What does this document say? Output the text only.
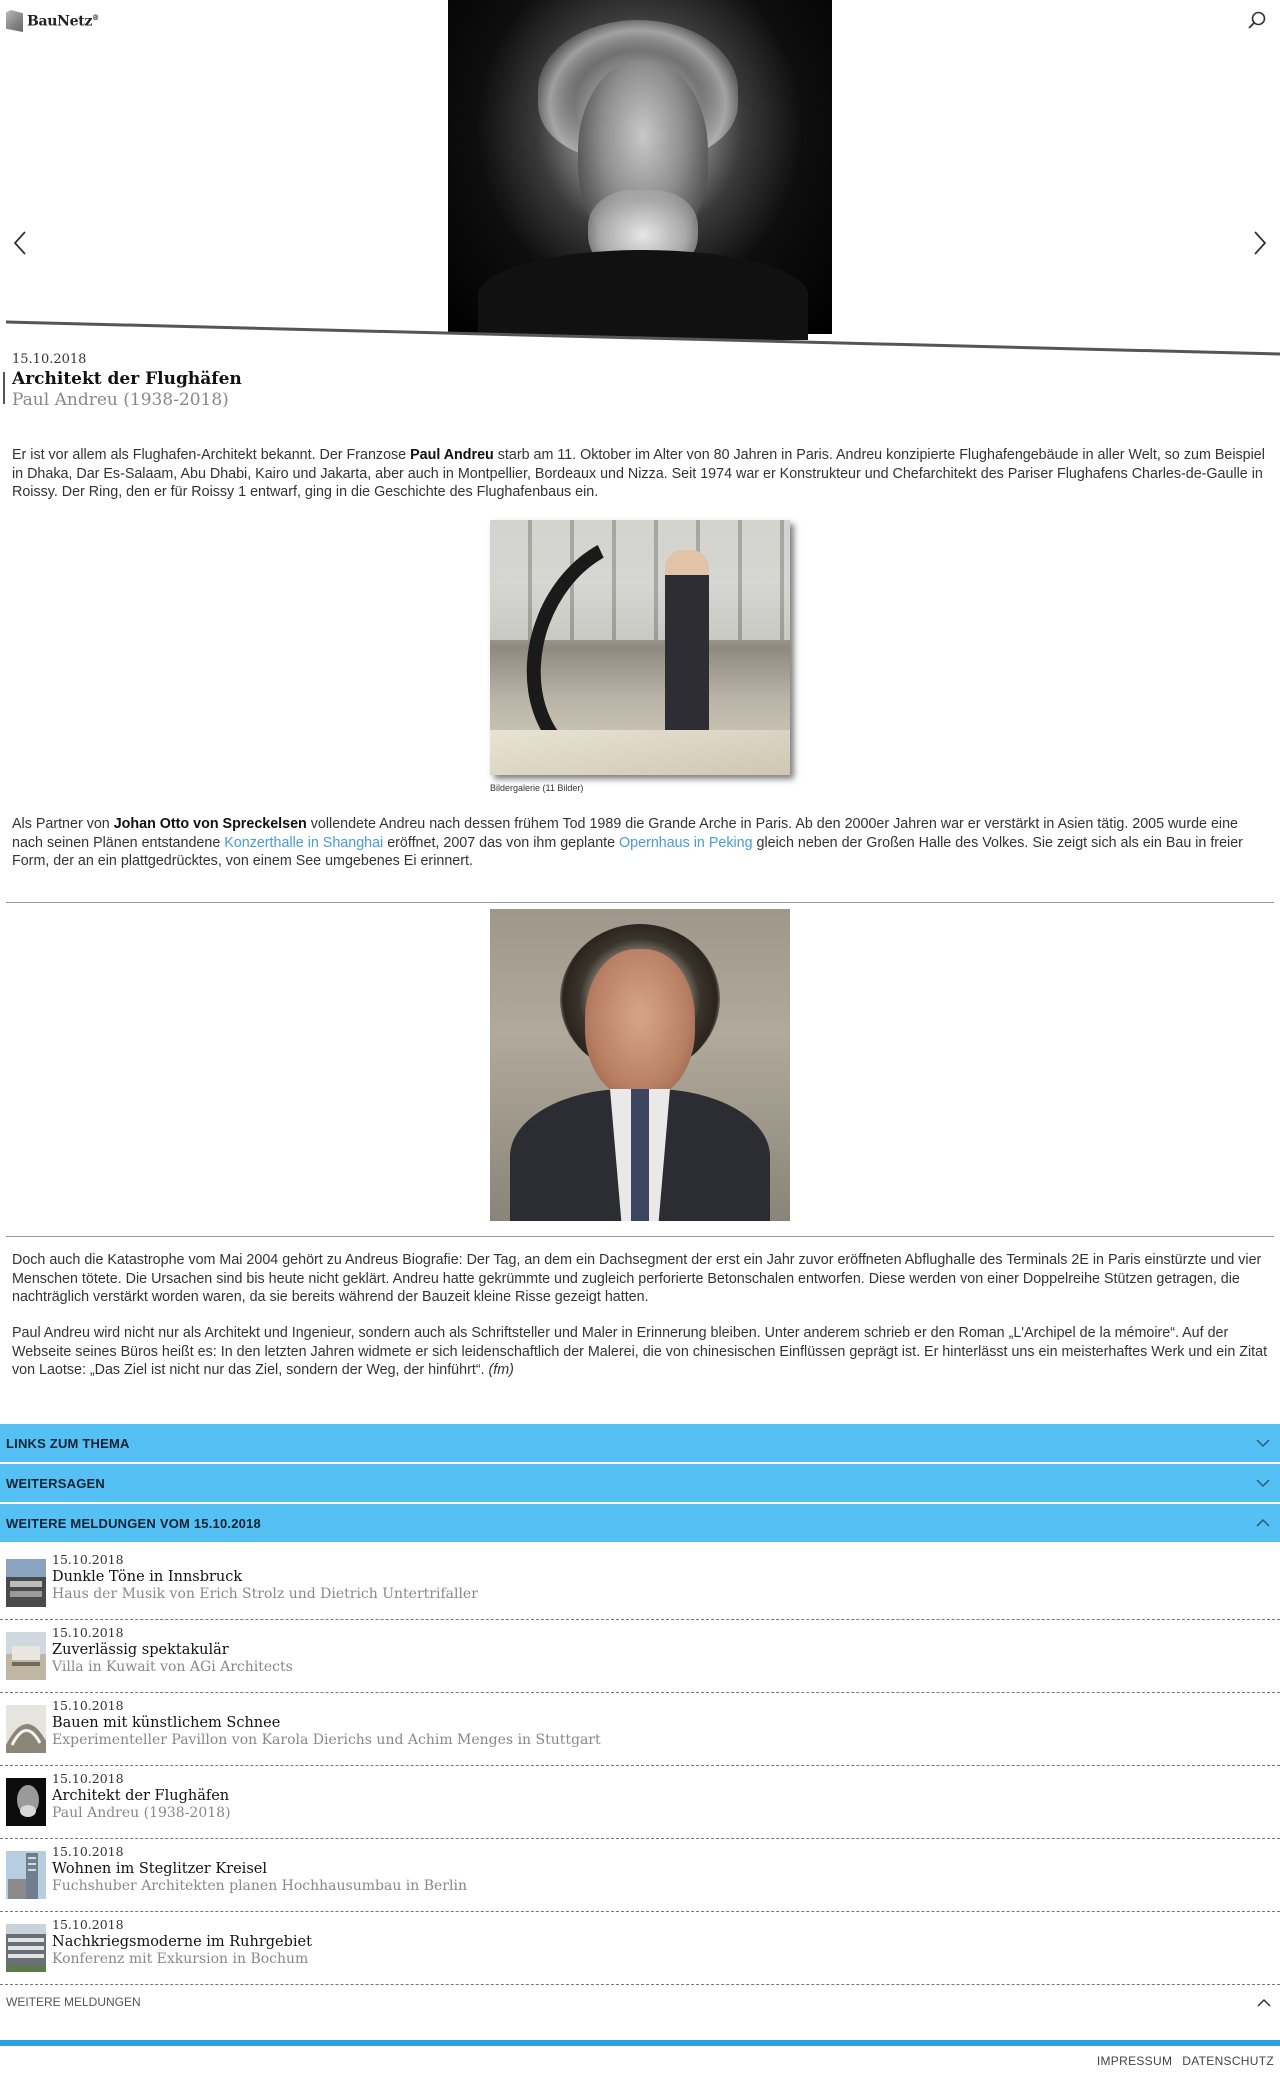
BauNetz®
15.10.2018
Architekt der Flughäfen
Paul Andreu (1938-2018)
Er ist vor allem als Flughafen-Architekt bekannt. Der Franzose Paul Andreu starb am 11. Oktober im Alter von 80 Jahren in Paris. Andreu konzipierte Flughafengebäude in aller Welt, so zum Beispiel in Dhaka, Dar Es-Salaam, Abu Dhabi, Kairo und Jakarta, aber auch in Montpellier, Bordeaux und Nizza. Seit 1974 war er Konstrukteur und Chefarchitekt des Pariser Flughafens Charles-de-Gaulle in Roissy. Der Ring, den er für Roissy 1 entwarf, ging in die Geschichte des Flughafenbaus ein.
Bildergalerie (11 Bilder)
Als Partner von Johan Otto von Spreckelsen vollendete Andreu nach dessen frühem Tod 1989 die Grande Arche in Paris. Ab den 2000er Jahren war er verstärkt in Asien tätig. 2005 wurde eine nach seinen Plänen entstandene Konzerthalle in Shanghai eröffnet, 2007 das von ihm geplante Opernhaus in Peking gleich neben der Großen Halle des Volkes. Sie zeigt sich als ein Bau in freier Form, der an ein plattgedrücktes, von einem See umgebenes Ei erinnert.
Doch auch die Katastrophe vom Mai 2004 gehört zu Andreus Biografie: Der Tag, an dem ein Dachsegment der erst ein Jahr zuvor eröffneten Abflughalle des Terminals 2E in Paris einstürzte und vier Menschen tötete. Die Ursachen sind bis heute nicht geklärt. Andreu hatte gekrümmte und zugleich perforierte Betonschalen entworfen. Diese werden von einer Doppelreihe Stützen getragen, die nachträglich verstärkt worden waren, da sie bereits während der Bauzeit kleine Risse gezeigt hatten.
Paul Andreu wird nicht nur als Architekt und Ingenieur, sondern auch als Schriftsteller und Maler in Erinnerung bleiben. Unter anderem schrieb er den Roman „L'Archipel de la mémoire“. Auf der Webseite seines Büros heißt es: In den letzten Jahren widmete er sich leidenschaftlich der Malerei, die von chinesischen Einflüssen geprägt ist. Er hinterlässt uns ein meisterhaftes Werk und ein Zitat von Laotse: „Das Ziel ist nicht nur das Ziel, sondern der Weg, der hinführt“. (fm)
LINKS ZUM THEMA
WEITERSAGEN
WEITERE MELDUNGEN VOM 15.10.2018
15.10.2018
Dunkle Töne in Innsbruck
Haus der Musik von Erich Strolz und Dietrich Untertrifaller
15.10.2018
Zuverlässig spektakulär
Villa in Kuwait von AGi Architects
15.10.2018
Bauen mit künstlichem Schnee
Experimenteller Pavillon von Karola Dierichs und Achim Menges in Stuttgart
15.10.2018
Architekt der Flughäfen
Paul Andreu (1938-2018)
15.10.2018
Wohnen im Steglitzer Kreisel
Fuchshuber Architekten planen Hochhausumbau in Berlin
15.10.2018
Nachkriegsmoderne im Ruhrgebiet
Konferenz mit Exkursion in Bochum
WEITERE MELDUNGEN
IMPRESSUM DATENSCHUTZ
